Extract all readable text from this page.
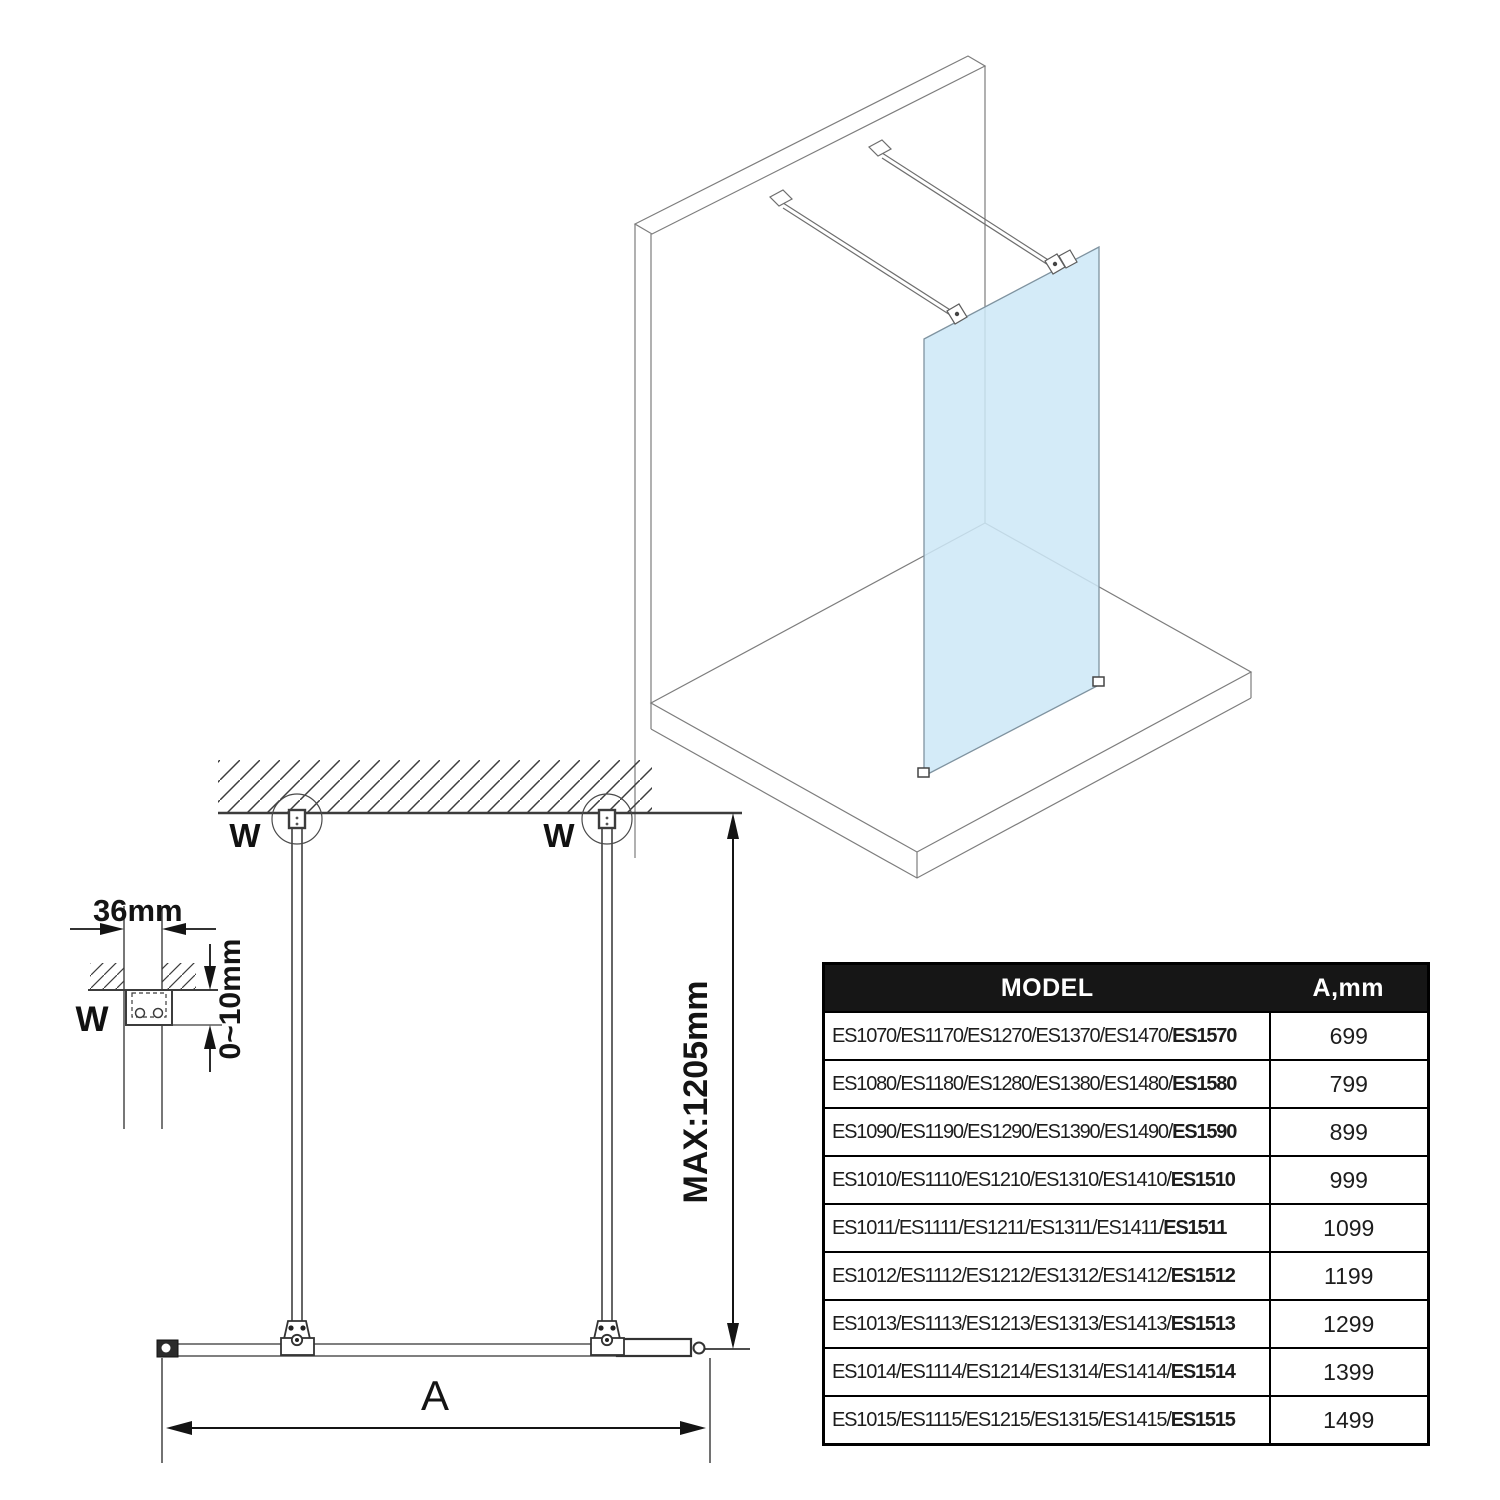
W	W
A
MAX:1205mm
W
36mm
0~10mm	MODEL	A,mm
ES1070/ES1170/ES1270/ES1370/ES1470/ES1570	699
ES1080/ES1180/ES1280/ES1380/ES1480/ES1580	799
ES1090/ES1190/ES1290/ES1390/ES1490/ES1590	899
ES1010/ES1110/ES1210/ES1310/ES1410/ES1510	999
ES1011/ES1111/ES1211/ES1311/ES1411/ES1511	1099
ES1012/ES1112/ES1212/ES1312/ES1412/ES1512	1199
ES1013/ES1113/ES1213/ES1313/ES1413/ES1513	1299
ES1014/ES1114/ES1214/ES1314/ES1414/ES1514	1399
ES1015/ES1115/ES1215/ES1315/ES1415/ES1515	1499
